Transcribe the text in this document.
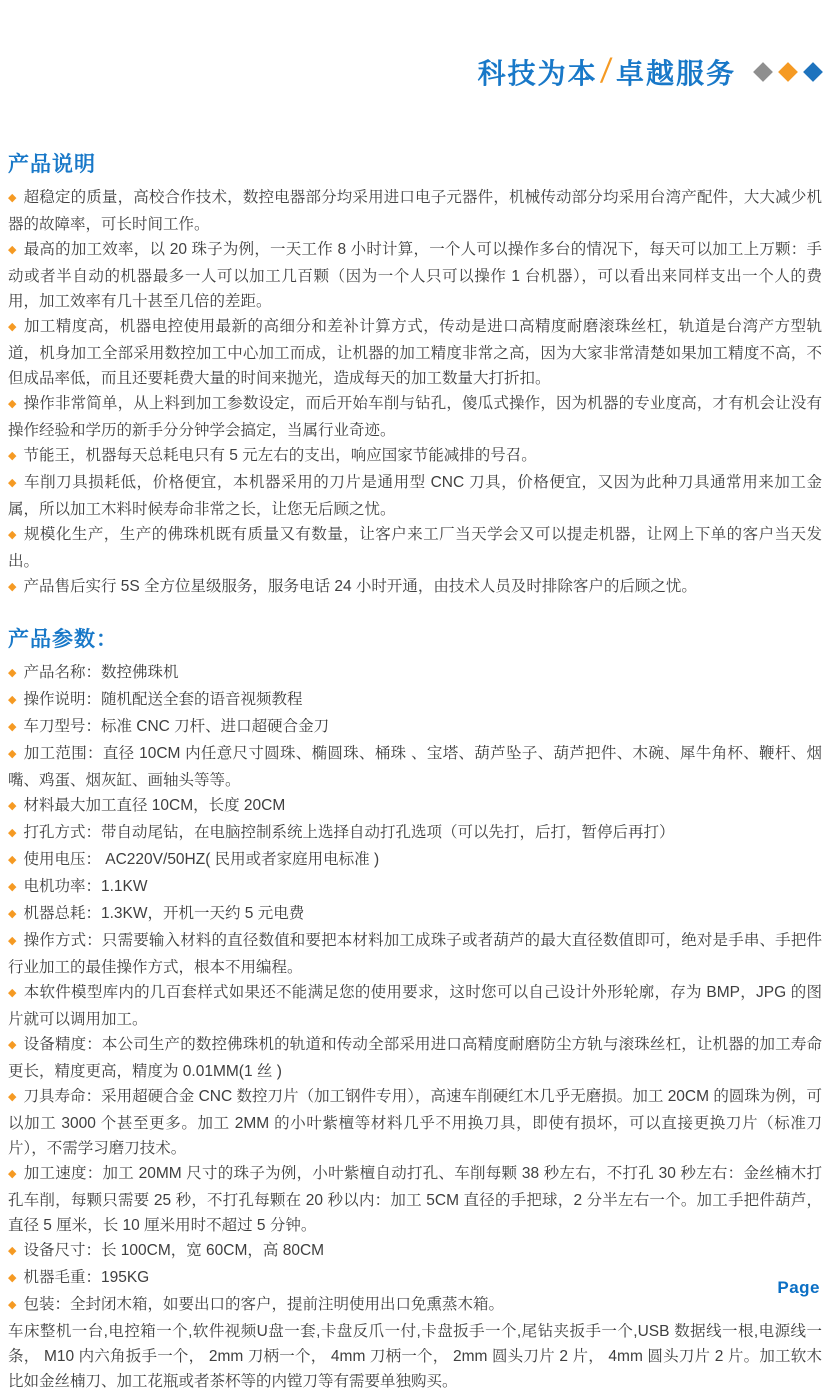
科技为本 / 卓越服务
产品说明

◆ 超稳定的质量，高校合作技术，数控电器部分均采用进口电子元器件，机械传动部分均采用台湾产配件，大大减少机器的故障率，可长时间工作。

◆ 最高的加工效率，以 20 珠子为例，一天工作 8 小时计算，一个人可以操作多台的情况下，每天可以加工上万颗：手动或者半自动的机器最多一人可以加工几百颗（因为一个人只可以操作 1 台机器），可以看出来同样支出一个人的费用，加工效率有几十甚至几倍的差距。

◆ 加工精度高，机器电控使用最新的高细分和差补计算方式，传动是进口高精度耐磨滚珠丝杠，轨道是台湾产方型轨道，机身加工全部采用数控加工中心加工而成，让机器的加工精度非常之高，因为大家非常清楚如果加工精度不高，不但成品率低，而且还要耗费大量的时间来抛光，造成每天的加工数量大打折扣。

◆ 操作非常简单，从上料到加工参数设定，而后开始车削与钻孔，傻瓜式操作，因为机器的专业度高，才有机会让没有操作经验和学历的新手分分钟学会搞定，当属行业奇迹。

◆ 节能王，机器每天总耗电只有 5 元左右的支出，响应国家节能减排的号召。

◆ 车削刀具损耗低，价格便宜，本机器采用的刀片是通用型 CNC 刀具，价格便宜，又因为此种刀具通常用来加工金属，所以加工木料时候寿命非常之长，让您无后顾之忧。

◆ 规模化生产，生产的佛珠机既有质量又有数量，让客户来工厂当天学会又可以提走机器，让网上下单的客户当天发出。

◆ 产品售后实行 5S 全方位星级服务，服务电话 24 小时开通，由技术人员及时排除客户的后顾之忧。

产品参数：

◆ 产品名称：数控佛珠机

◆ 操作说明：随机配送全套的语音视频教程

◆ 车刀型号：标准 CNC 刀杆、进口超硬合金刀

◆ 加工范围：直径 10CM 内任意尺寸圆珠、椭圆珠、桶珠 、宝塔、葫芦坠子、葫芦把件、木碗、犀牛角杯、鞭杆、烟嘴、鸡蛋、烟灰缸、画轴头等等。

◆ 材料最大加工直径 10CM，长度 20CM

◆ 打孔方式：带自动尾钻，在电脑控制系统上选择自动打孔选项（可以先打，后打，暂停后再打）

◆ 使用电压： AC220V/50HZ( 民用或者家庭用电标准 )

◆ 电机功率：1.1KW

◆ 机器总耗：1.3KW，开机一天约 5 元电费

◆ 操作方式：只需要输入材料的直径数值和要把本材料加工成珠子或者葫芦的最大直径数值即可，绝对是手串、手把件行业加工的最佳操作方式，根本不用编程。

◆ 本软件模型库内的几百套样式如果还不能满足您的使用要求，这时您可以自己设计外形轮廓，存为 BMP，JPG 的图片就可以调用加工。

◆ 设备精度：本公司生产的数控佛珠机的轨道和传动全部采用进口高精度耐磨防尘方轨与滚珠丝杠，让机器的加工寿命更长，精度更高，精度为 0.01MM(1 丝 )

◆ 刀具寿命：采用超硬合金 CNC 数控刀片（加工钢件专用），高速车削硬红木几乎无磨损。加工 20CM 的圆珠为例，可以加工 3000 个甚至更多。加工 2MM 的小叶紫檀等材料几乎不用换刀具，即使有损坏，可以直接更换刀片（标准刀片），不需学习磨刀技术。

◆ 加工速度：加工 20MM 尺寸的珠子为例，小叶紫檀自动打孔、车削每颗 38 秒左右，不打孔 30 秒左右：金丝楠木打孔车削，每颗只需要 25 秒，不打孔每颗在 20 秒以内：加工 5CM 直径的手把球，2 分半左右一个。加工手把件葫芦，直径 5 厘米，长 10 厘米用时不超过 5 分钟。

◆ 设备尺寸：长 100CM，宽 60CM，高 80CM

◆ 机器毛重：195KG

◆ 包装：全封闭木箱，如要出口的客户，提前注明使用出口免熏蒸木箱。

车床整机一台,电控箱一个,软件视频U盘一套,卡盘反爪一付,卡盘扳手一个,尾钻夹扳手一个,USB 数据线一根,电源线一条， M10 内六角扳手一个， 2mm 刀柄一个， 4mm 刀柄一个， 2mm 圆头刀片 2 片， 4mm 圆头刀片 2 片。加工软木比如金丝楠刀、加工花瓶或者茶杯等的内镗刀等有需要单独购买。

Page
